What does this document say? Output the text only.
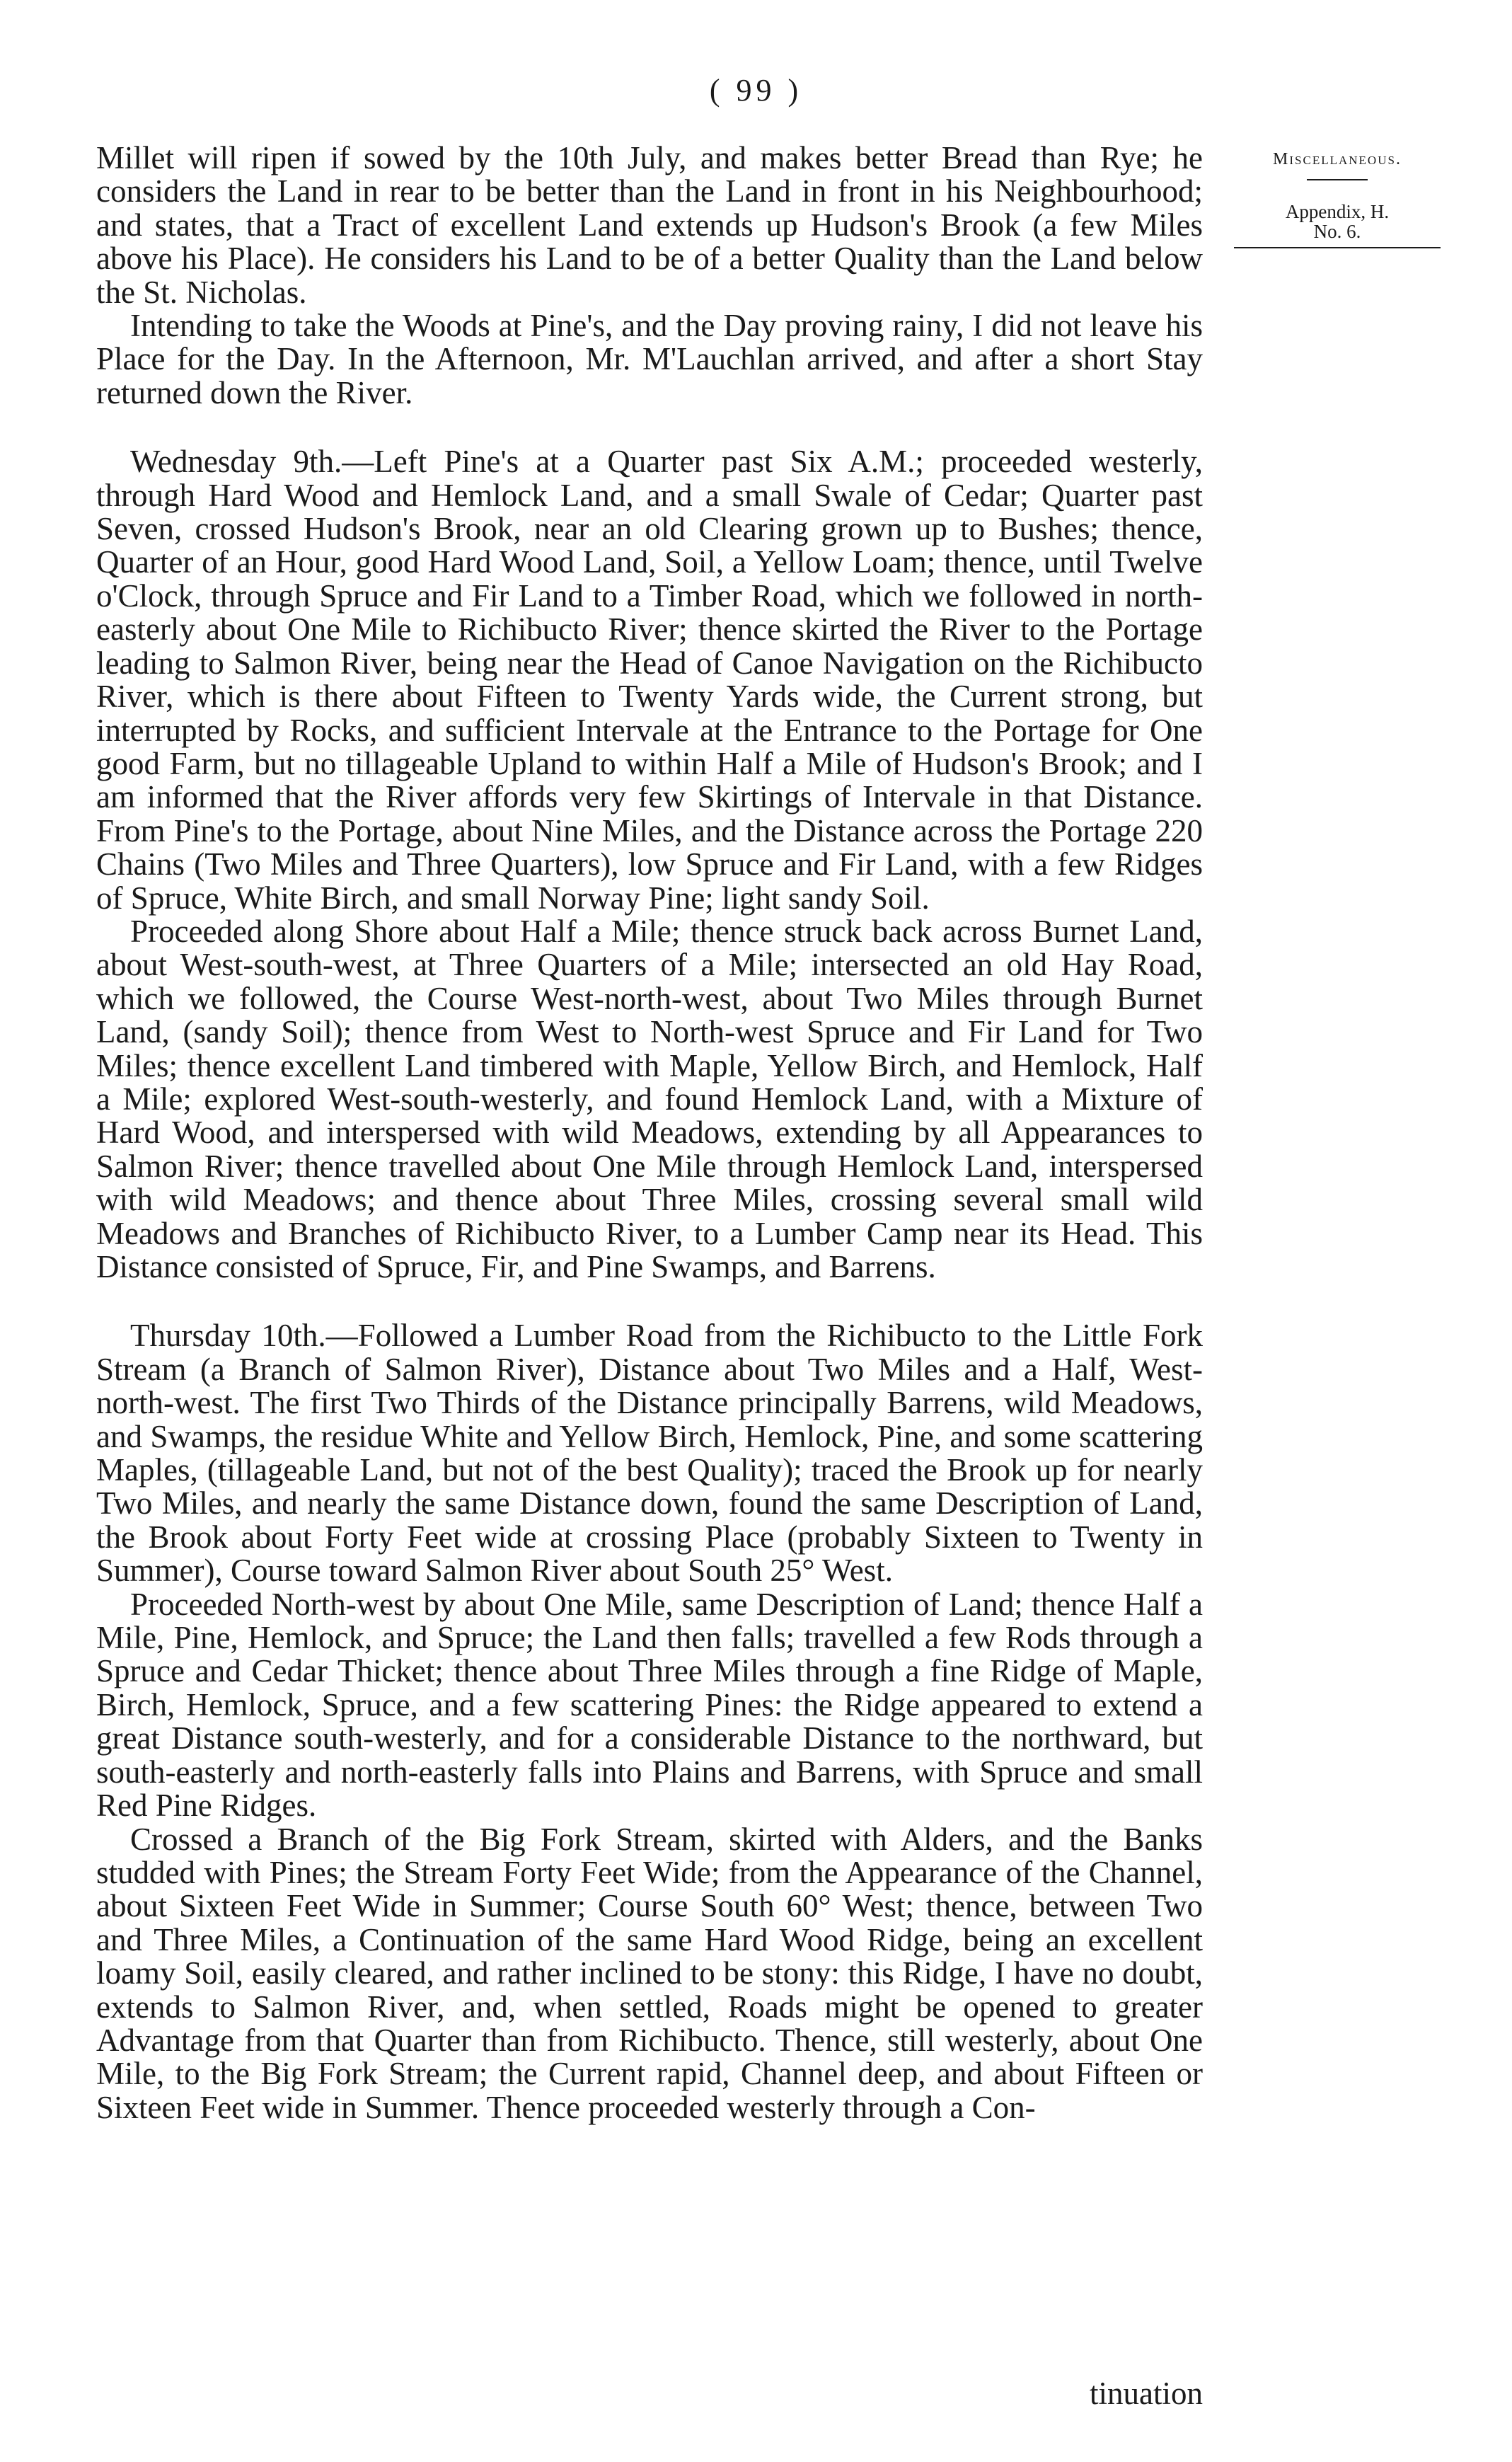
( 99 )
Miscellaneous.
Appendix, H.
No. 6.

Millet will ripen if sowed by the 10th July, and makes better Bread than Rye; he considers the Land in rear to be better than the Land in front in his Neighbourhood; and states, that a Tract of excellent Land extends up Hudson's Brook (a few Miles above his Place). He considers his Land to be of a better Quality than the Land below the St. Nicholas.

Intending to take the Woods at Pine's, and the Day proving rainy, I did not leave his Place for the Day. In the Afternoon, Mr. M'Lauchlan arrived, and after a short Stay returned down the River.

Wednesday 9th.—Left Pine's at a Quarter past Six A.M.; proceeded westerly, through Hard Wood and Hemlock Land, and a small Swale of Cedar; Quarter past Seven, crossed Hudson's Brook, near an old Clearing grown up to Bushes; thence, Quarter of an Hour, good Hard Wood Land, Soil, a Yellow Loam; thence, until Twelve o'Clock, through Spruce and Fir Land to a Timber Road, which we followed in north-easterly about One Mile to Richibucto River; thence skirted the River to the Portage leading to Salmon River, being near the Head of Canoe Navigation on the Richibucto River, which is there about Fifteen to Twenty Yards wide, the Current strong, but interrupted by Rocks, and sufficient Intervale at the Entrance to the Portage for One good Farm, but no tillageable Upland to within Half a Mile of Hudson's Brook; and I am informed that the River affords very few Skirtings of Intervale in that Distance. From Pine's to the Portage, about Nine Miles, and the Distance across the Portage 220 Chains (Two Miles and Three Quarters), low Spruce and Fir Land, with a few Ridges of Spruce, White Birch, and small Norway Pine; light sandy Soil.

Proceeded along Shore about Half a Mile; thence struck back across Burnet Land, about West-south-west, at Three Quarters of a Mile; intersected an old Hay Road, which we followed, the Course West-north-west, about Two Miles through Burnet Land, (sandy Soil); thence from West to North-west Spruce and Fir Land for Two Miles; thence excellent Land timbered with Maple, Yellow Birch, and Hemlock, Half a Mile; explored West-south-westerly, and found Hemlock Land, with a Mixture of Hard Wood, and interspersed with wild Meadows, extending by all Appearances to Salmon River; thence travelled about One Mile through Hemlock Land, interspersed with wild Meadows; and thence about Three Miles, crossing several small wild Meadows and Branches of Richibucto River, to a Lumber Camp near its Head. This Distance consisted of Spruce, Fir, and Pine Swamps, and Barrens.

Thursday 10th.—Followed a Lumber Road from the Richibucto to the Little Fork Stream (a Branch of Salmon River), Distance about Two Miles and a Half, West-north-west. The first Two Thirds of the Distance principally Barrens, wild Meadows, and Swamps, the residue White and Yellow Birch, Hemlock, Pine, and some scattering Maples, (tillageable Land, but not of the best Quality); traced the Brook up for nearly Two Miles, and nearly the same Distance down, found the same Description of Land, the Brook about Forty Feet wide at crossing Place (probably Sixteen to Twenty in Summer), Course toward Salmon River about South 25° West.

Proceeded North-west by about One Mile, same Description of Land; thence Half a Mile, Pine, Hemlock, and Spruce; the Land then falls; travelled a few Rods through a Spruce and Cedar Thicket; thence about Three Miles through a fine Ridge of Maple, Birch, Hemlock, Spruce, and a few scattering Pines: the Ridge appeared to extend a great Distance south-westerly, and for a considerable Distance to the northward, but south-easterly and north-easterly falls into Plains and Barrens, with Spruce and small Red Pine Ridges.

Crossed a Branch of the Big Fork Stream, skirted with Alders, and the Banks studded with Pines; the Stream Forty Feet Wide; from the Appearance of the Channel, about Sixteen Feet Wide in Summer; Course South 60° West; thence, between Two and Three Miles, a Continuation of the same Hard Wood Ridge, being an excellent loamy Soil, easily cleared, and rather inclined to be stony: this Ridge, I have no doubt, extends to Salmon River, and, when settled, Roads might be opened to greater Advantage from that Quarter than from Richibucto. Thence, still westerly, about One Mile, to the Big Fork Stream; the Current rapid, Channel deep, and about Fifteen or Sixteen Feet wide in Summer. Thence proceeded westerly through a Con-

tinuation
